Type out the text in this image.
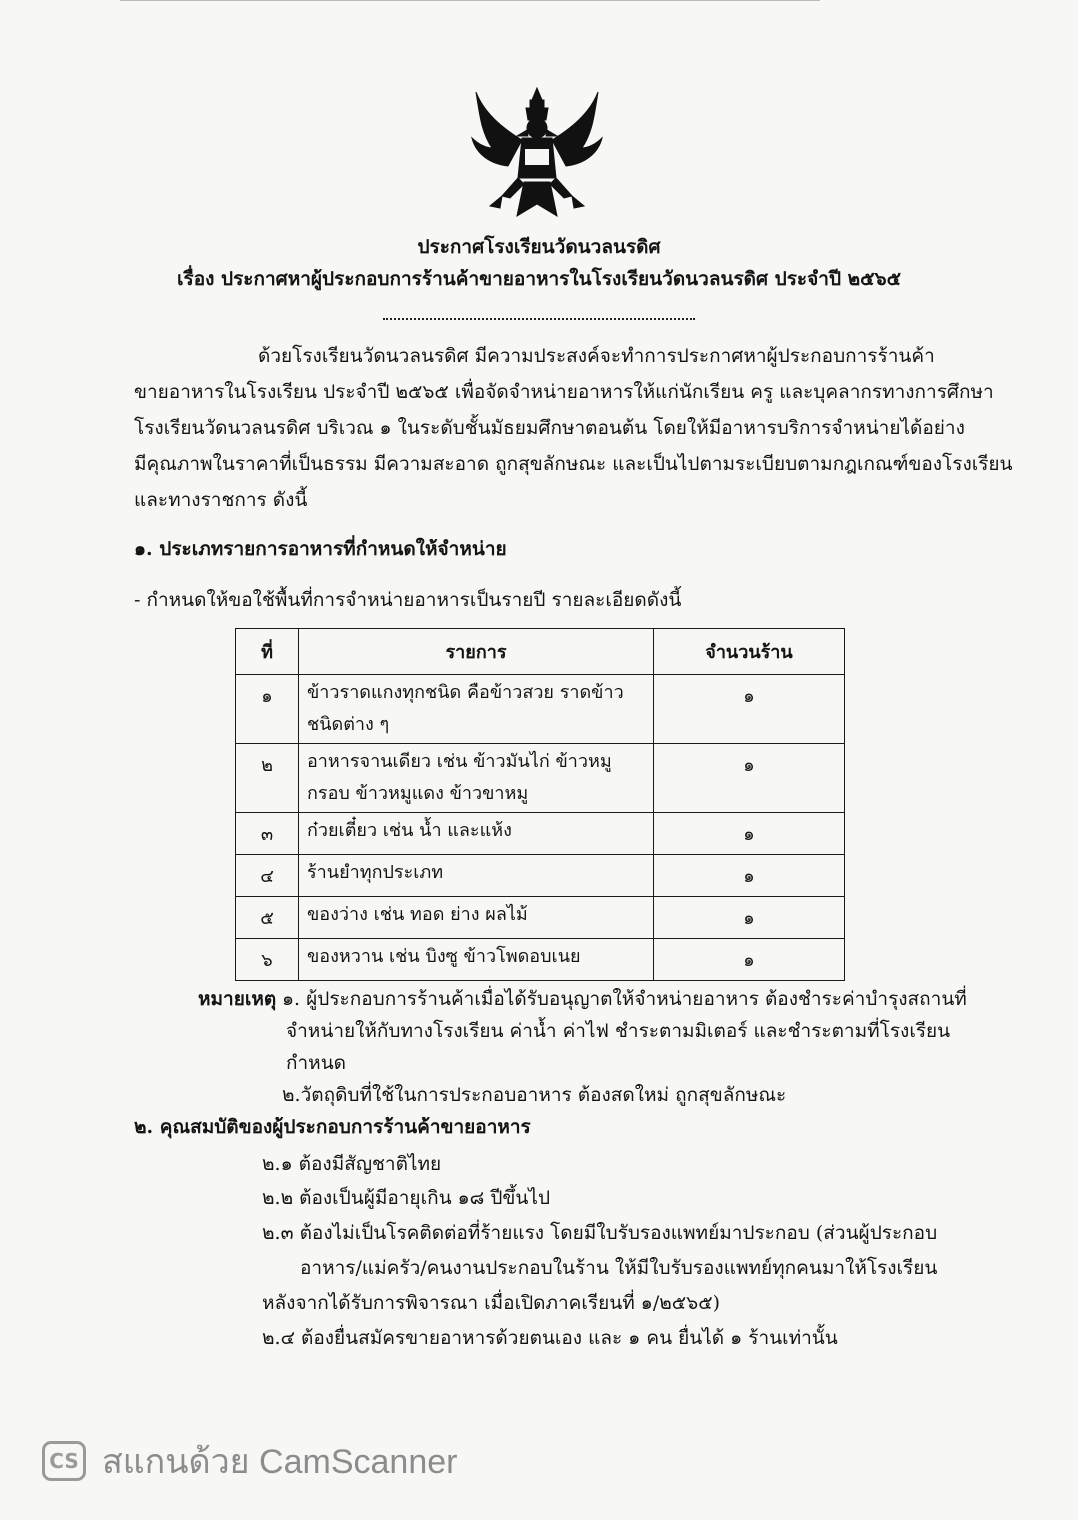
ประกาศโรงเรียนวัดนวลนรดิศ
เรื่อง ประกาศหาผู้ประกอบการร้านค้าขายอาหารในโรงเรียนวัดนวลนรดิศ ประจำปี ๒๕๖๕
ด้วยโรงเรียนวัดนวลนรดิศ มีความประสงค์จะทำการประกาศหาผู้ประกอบการร้านค้า
ขายอาหารในโรงเรียน ประจำปี ๒๕๖๕ เพื่อจัดจำหน่ายอาหารให้แก่นักเรียน ครู และบุคลากรทางการศึกษา
โรงเรียนวัดนวลนรดิศ บริเวณ ๑ ในระดับชั้นมัธยมศึกษาตอนต้น โดยให้มีอาหารบริการจำหน่ายได้อย่าง
มีคุณภาพในราคาที่เป็นธรรม มีความสะอาด ถูกสุขลักษณะ และเป็นไปตามระเบียบตามกฎเกณฑ์ของโรงเรียน
และทางราชการ ดังนี้
๑. ประเภทรายการอาหารที่กำหนดให้จำหน่าย
- กำหนดให้ขอใช้พื้นที่การจำหน่ายอาหารเป็นรายปี รายละเอียดดังนี้
ที่	รายการ	จำนวนร้าน
๑	ข้าวราดแกงทุกชนิด คือข้าวสวย ราดข้าว ชนิดต่าง ๆ	๑
๒	อาหารจานเดียว เช่น ข้าวมันไก่ ข้าวหมู กรอบ ข้าวหมูแดง ข้าวขาหมู	๑
๓	ก๋วยเตี๋ยว เช่น น้ำ และแห้ง	๑
๔	ร้านยำทุกประเภท	๑
๕	ของว่าง เช่น ทอด ย่าง ผลไม้	๑
๖	ของหวาน เช่น บิงซู ข้าวโพดอบเนย	๑
หมายเหตุ ๑. ผู้ประกอบการร้านค้าเมื่อได้รับอนุญาตให้จำหน่ายอาหาร ต้องชำระค่าบำรุงสถานที่
จำหน่ายให้กับทางโรงเรียน ค่าน้ำ ค่าไฟ ชำระตามมิเตอร์ และชำระตามที่โรงเรียน
กำหนด
๒.วัตถุดิบที่ใช้ในการประกอบอาหาร ต้องสดใหม่ ถูกสุขลักษณะ
๒. คุณสมบัติของผู้ประกอบการร้านค้าขายอาหาร
๒.๑ ต้องมีสัญชาติไทย
๒.๒ ต้องเป็นผู้มีอายุเกิน ๑๘ ปีขึ้นไป
๒.๓ ต้องไม่เป็นโรคติดต่อที่ร้ายแรง โดยมีใบรับรองแพทย์มาประกอบ (ส่วนผู้ประกอบ
อาหาร/แม่ครัว/คนงานประกอบในร้าน ให้มีใบรับรองแพทย์ทุกคนมาให้โรงเรียน
หลังจากได้รับการพิจารณา เมื่อเปิดภาคเรียนที่ ๑/๒๕๖๕)
๒.๔ ต้องยื่นสมัครขายอาหารด้วยตนเอง และ ๑ คน ยื่นได้ ๑ ร้านเท่านั้น
CS สแกนด้วย CamScanner
